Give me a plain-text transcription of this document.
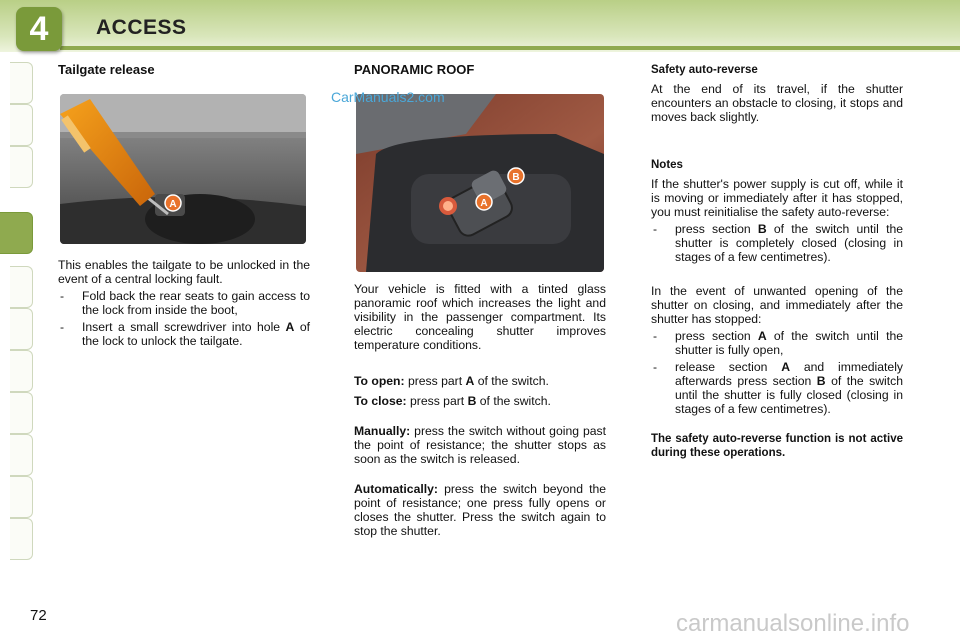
4	ACCESS

Tailgate release

A

This enables the tailgate to be unlocked in the event of a central locking fault.

- Fold back the rear seats to gain access to the lock from inside the boot,
- Insert a small screwdriver into hole A of the lock to unlock the tailgate.

PANORAMIC ROOF

B
A
CarManuals2.com

Your vehicle is fitted with a tinted glass panoramic roof which increases the light and visibility in the passenger compartment. Its electric concealing shutter improves temperature conditions.

To open: press part A of the switch.

To close: press part B of the switch.

Manually: press the switch without going past the point of resistance; the shutter stops as soon as the switch is released.

Automatically: press the switch beyond the point of resistance; one press fully opens or closes the shutter. Press the switch again to stop the shutter.

Safety auto-reverse

At the end of its travel, if the shutter encounters an obstacle to closing, it stops and moves back slightly.

Notes

If the shutter's power supply is cut off, while it is moving or immediately after it has stopped, you must reinitialise the safety auto-reverse:

- press section B of the switch until the shutter is completely closed (closing in stages of a few centimetres).

In the event of unwanted opening of the shutter on closing, and immediately after the shutter has stopped:

- press section A of the switch until the shutter is fully open,
- release section A and immediately afterwards press section B of the switch until the shutter is fully closed (closing in stages of a few centimetres).

The safety auto-reverse function is not active during these operations.

72	carmanualsonline.info
